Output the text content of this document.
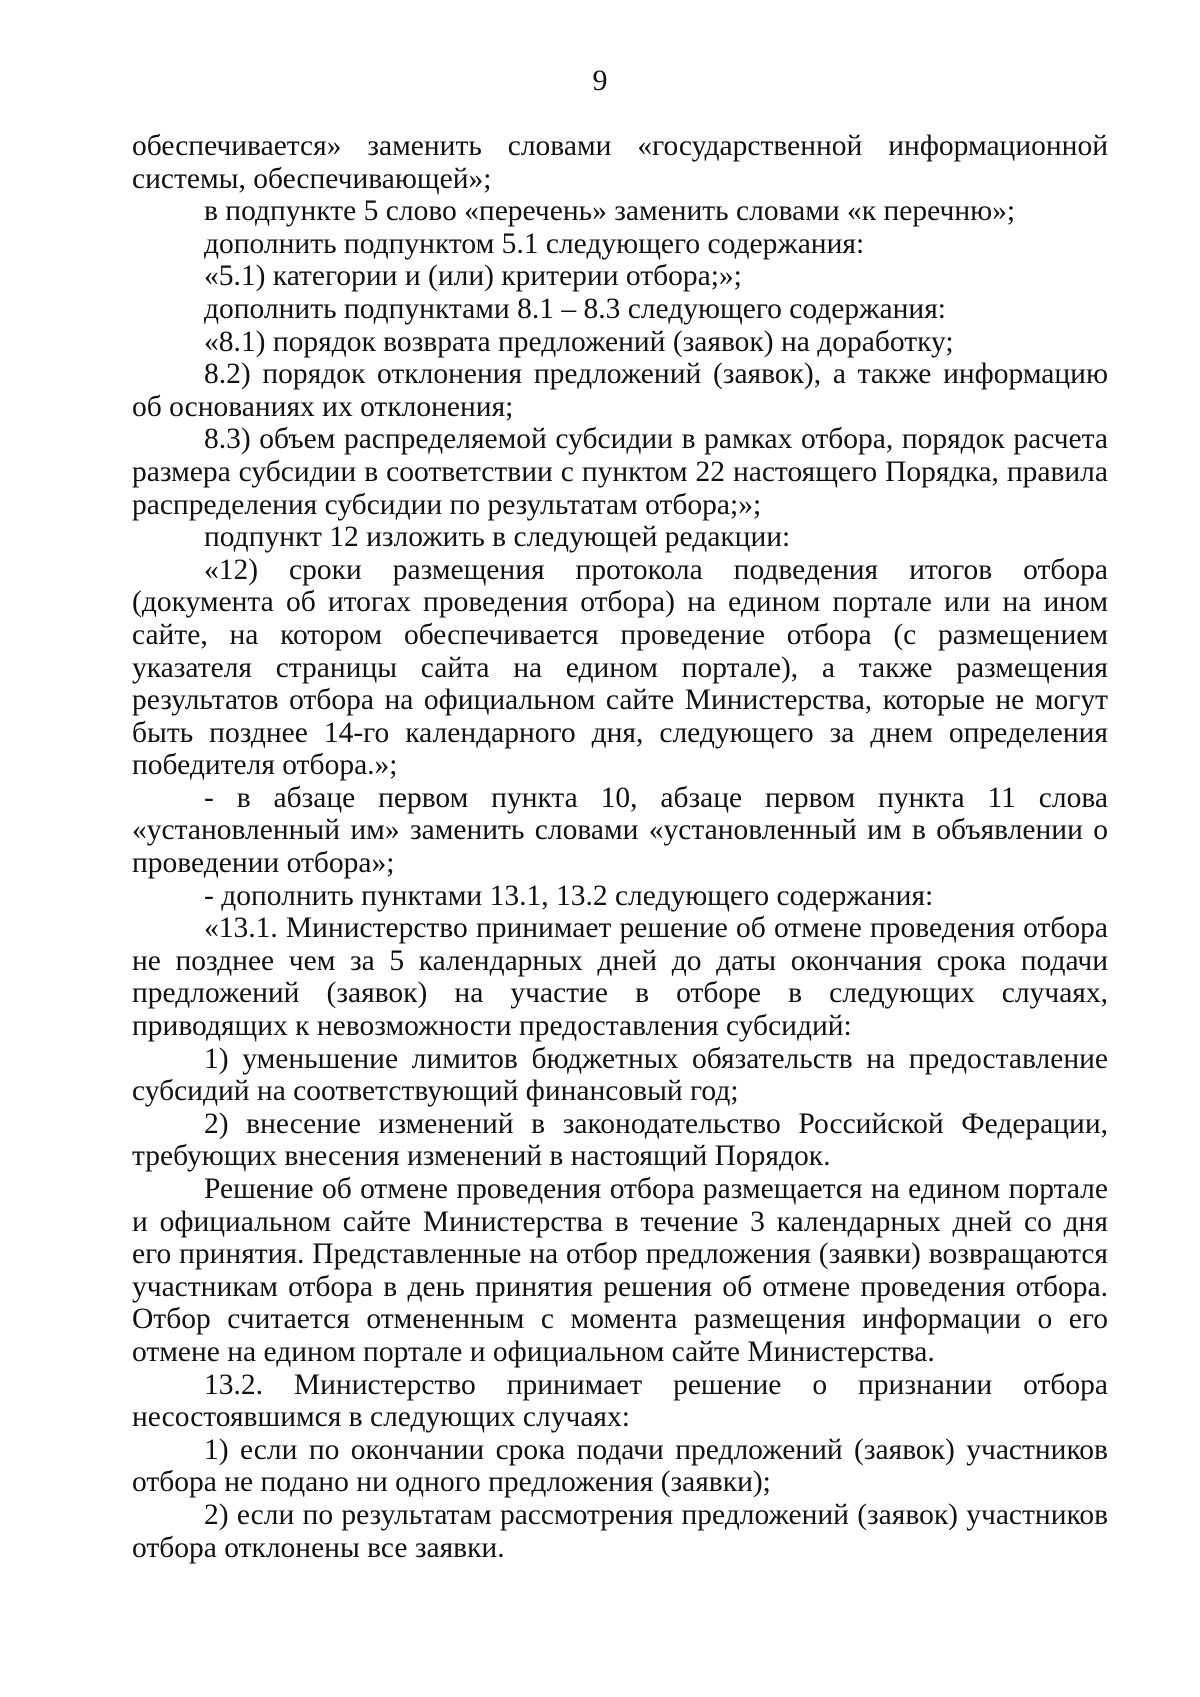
9

обеспечивается» заменить словами «государственной информационной системы, обеспечивающей»;

в подпункте 5 слово «перечень» заменить словами «к перечню»;

дополнить подпунктом 5.1 следующего содержания:

«5.1) категории и (или) критерии отбора;»;

дополнить подпунктами 8.1 – 8.3 следующего содержания:

«8.1) порядок возврата предложений (заявок) на доработку;

8.2) порядок отклонения предложений (заявок), а также информацию об основаниях их отклонения;

8.3) объем распределяемой субсидии в рамках отбора, порядок расчета размера субсидии в соответствии с пунктом 22 настоящего Порядка, правила распределения субсидии по результатам отбора;»;

подпункт 12 изложить в следующей редакции:

«12) сроки размещения протокола подведения итогов отбора (документа об итогах проведения отбора) на едином портале или на ином сайте, на котором обеспечивается проведение отбора (с размещением указателя страницы сайта на едином портале), а также размещения результатов отбора на официальном сайте Министерства, которые не могут быть позднее 14-го календарного дня, следующего за днем определения победителя отбора.»;

- в абзаце первом пункта 10, абзаце первом пункта 11 слова «установленный им» заменить словами «установленный им в объявлении о проведении отбора»;

- дополнить пунктами 13.1, 13.2 следующего содержания:

«13.1. Министерство принимает решение об отмене проведения отбора не позднее чем за 5 календарных дней до даты окончания срока подачи предложений (заявок) на участие в отборе в следующих случаях, приводящих к невозможности предоставления субсидий:

1) уменьшение лимитов бюджетных обязательств на предоставление субсидий на соответствующий финансовый год;

2) внесение изменений в законодательство Российской Федерации, требующих внесения изменений в настоящий Порядок.

Решение об отмене проведения отбора размещается на едином портале и официальном сайте Министерства в течение 3 календарных дней со дня его принятия. Представленные на отбор предложения (заявки) возвращаются участникам отбора в день принятия решения об отмене проведения отбора. Отбор считается отмененным с момента размещения информации о его отмене на едином портале и официальном сайте Министерства.

13.2. Министерство принимает решение о признании отбора несостоявшимся в следующих случаях:

1) если по окончании срока подачи предложений (заявок) участников отбора не подано ни одного предложения (заявки);

2) если по результатам рассмотрения предложений (заявок) участников отбора отклонены все заявки.
